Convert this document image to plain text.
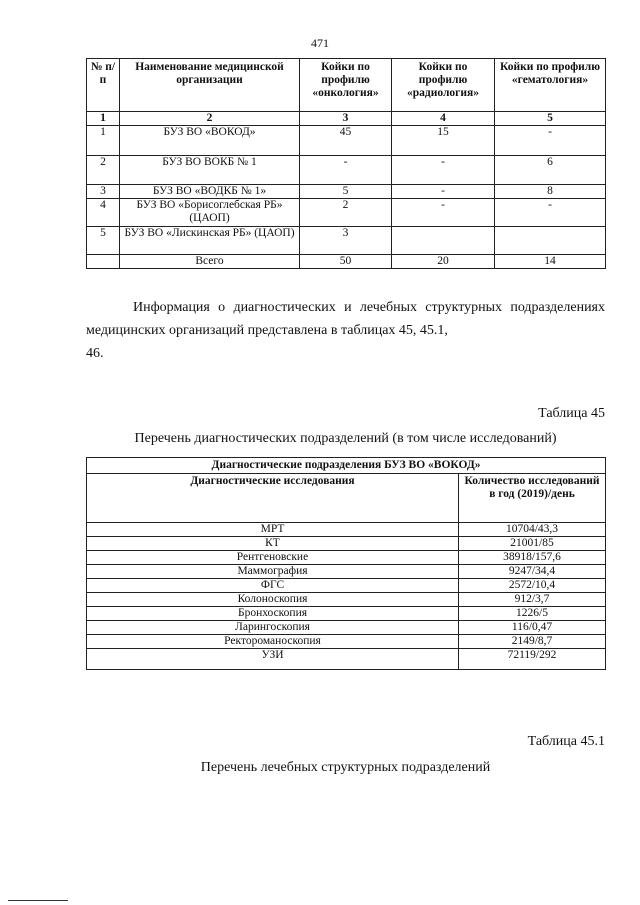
471
№ п/п	Наименование медицинской организации	Койки по профилю «онкология»	Койки по профилю «радиология»	Койки по профилю «гематология»
1	2	3	4	5
1	БУЗ ВО «ВОКОД»	45	15	-
2	БУЗ ВО ВОКБ № 1	-	-	6
3	БУЗ ВО «ВОДКБ № 1»	5	-	8
4	БУЗ ВО «Борисоглебская РБ» (ЦАОП)	2	-	-
5	БУЗ ВО «Лискинская РБ» (ЦАОП)	3		
	Всего	50	20	14
Информация о диагностических и лечебных структурных подразделениях медицинских организаций представлена в таблицах 45, 45.1,
46.
Таблица 45
Перечень диагностических подразделений (в том числе исследований)
Диагностические подразделения БУЗ ВО «ВОКОД»	
Диагностические исследования	Количество исследований в год (2019)/день
МРТ	10704/43,3
КТ	21001/85
Рентгеновские	38918/157,6
Маммография	9247/34,4
ФГС	2572/10,4
Колоноскопия	912/3,7
Бронхоскопия	1226/5
Ларингоскопия	116/0,47
Ректороманоскопия	2149/8,7
УЗИ	72119/292
Таблица 45.1
Перечень лечебных структурных подразделений
